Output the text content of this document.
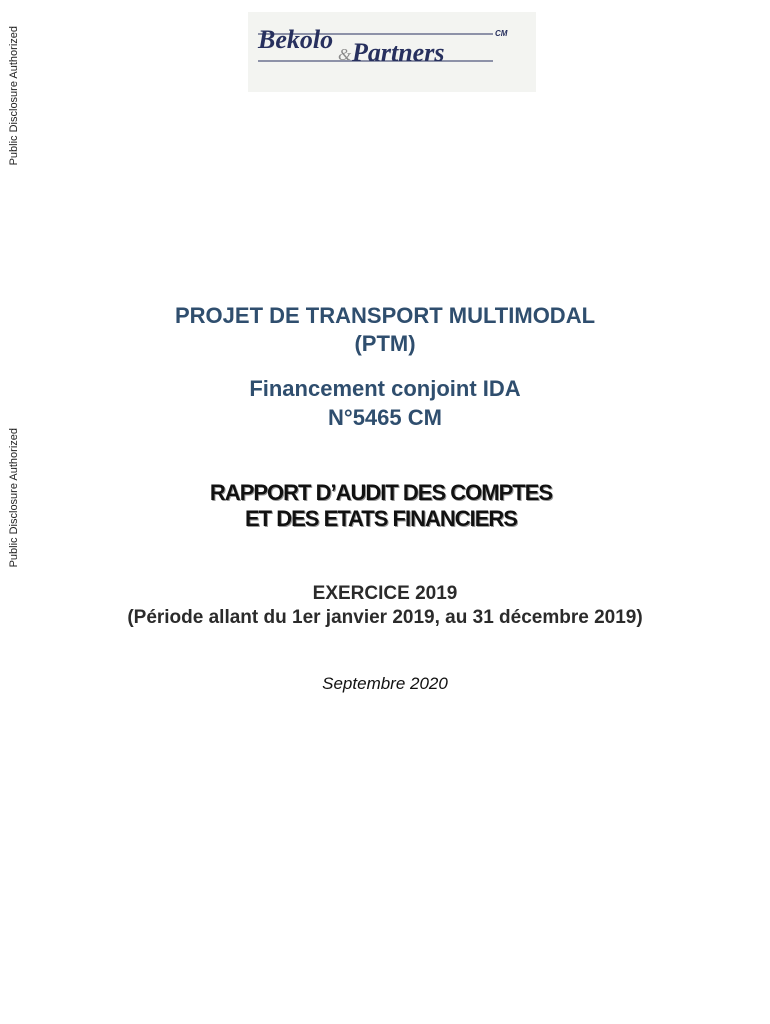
Public Disclosure Authorized
Public Disclosure Authorized
Bekolo
& Partners
CM
PROJET DE TRANSPORT MULTIMODAL
(PTM)
Financement conjoint IDA
N°5465 CM
RAPPORT D’AUDIT DES COMPTES
ET DES ETATS FINANCIERS
EXERCICE 2019
(Période allant du 1er janvier 2019, au 31 décembre 2019)
Septembre 2020
